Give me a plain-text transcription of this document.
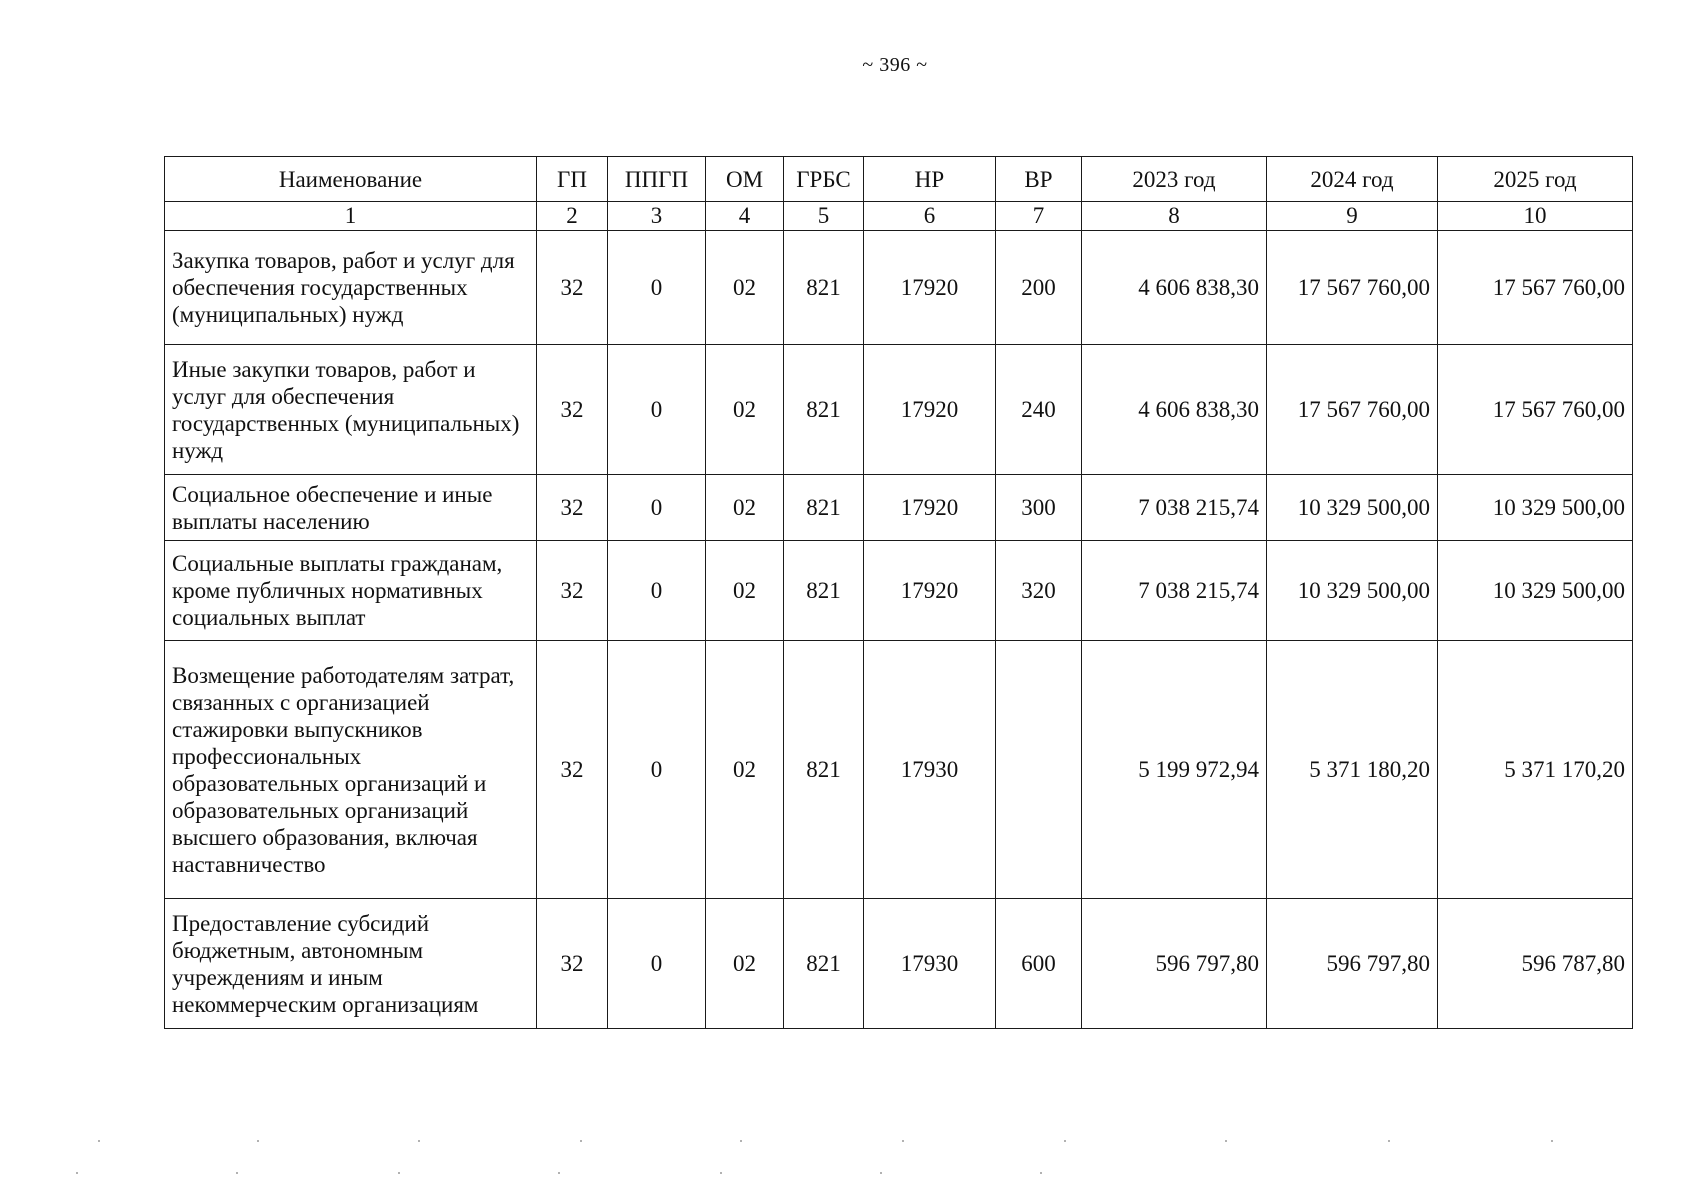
~ 396 ~
Наименование	ГП	ППГП	ОМ	ГРБС	НР	ВР	2023 год	2024 год	2025 год
1	2	3	4	5	6	7	8	9	10
Закупка товаров, работ и услуг для обеспечения государственных (муниципальных) нужд	32	0	02	821	17920	200	4 606 838,30	17 567 760,00	17 567 760,00
Иные закупки товаров, работ и услуг для обеспечения государственных (муниципальных) нужд	32	0	02	821	17920	240	4 606 838,30	17 567 760,00	17 567 760,00
Социальное обеспечение и иные выплаты населению	32	0	02	821	17920	300	7 038 215,74	10 329 500,00	10 329 500,00
Социальные выплаты гражданам, кроме публичных нормативных социальных выплат	32	0	02	821	17920	320	7 038 215,74	10 329 500,00	10 329 500,00
Возмещение работодателям затрат, связанных с организацией стажировки выпускников профессиональных образовательных организаций и образовательных организаций высшего образования, включая наставничество	32	0	02	821	17930		5 199 972,94	5 371 180,20	5 371 170,20
Предоставление субсидий бюджетным, автономным учреждениям и иным некоммерческим организациям	32	0	02	821	17930	600	596 797,80	596 797,80	596 787,80
